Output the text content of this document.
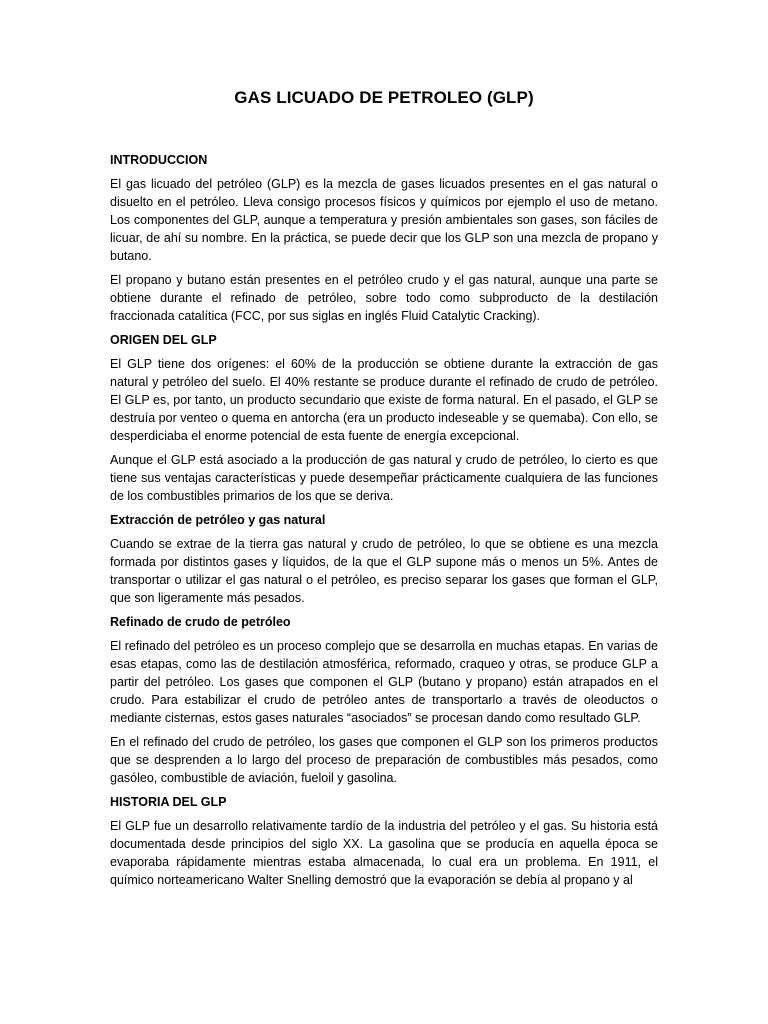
GAS LICUADO DE PETROLEO (GLP)
INTRODUCCION

El gas licuado del petróleo (GLP) es la mezcla de gases licuados presentes en el gas natural o disuelto en el petróleo. Lleva consigo procesos físicos y químicos por ejemplo el uso de metano. Los componentes del GLP, aunque a temperatura y presión ambientales son gases, son fáciles de licuar, de ahí su nombre. En la práctica, se puede decir que los GLP son una mezcla de propano y butano.

El propano y butano están presentes en el petróleo crudo y el gas natural, aunque una parte se obtiene durante el refinado de petróleo, sobre todo como subproducto de la destilación fraccionada catalítica (FCC, por sus siglas en inglés Fluid Catalytic Cracking).

ORIGEN DEL GLP

El GLP tiene dos orígenes: el 60% de la producción se obtiene durante la extracción de gas natural y petróleo del suelo. El 40% restante se produce durante el refinado de crudo de petróleo. El GLP es, por tanto, un producto secundario que existe de forma natural. En el pasado, el GLP se destruía por venteo o quema en antorcha (era un producto indeseable y se quemaba). Con ello, se desperdiciaba el enorme potencial de esta fuente de energía excepcional.

Aunque el GLP está asociado a la producción de gas natural y crudo de petróleo, lo cierto es que tiene sus ventajas características y puede desempeñar prácticamente cualquiera de las funciones de los combustibles primarios de los que se deriva.

Extracción de petróleo y gas natural

Cuando se extrae de la tierra gas natural y crudo de petróleo, lo que se obtiene es una mezcla formada por distintos gases y líquidos, de la que el GLP supone más o menos un 5%. Antes de transportar o utilizar el gas natural o el petróleo, es preciso separar los gases que forman el GLP, que son ligeramente más pesados.

Refinado de crudo de petróleo

El refinado del petróleo es un proceso complejo que se desarrolla en muchas etapas. En varias de esas etapas, como las de destilación atmosférica, reformado, craqueo y otras, se produce GLP a partir del petróleo. Los gases que componen el GLP (butano y propano) están atrapados en el crudo. Para estabilizar el crudo de petróleo antes de transportarlo a través de oleoductos o mediante cisternas, estos gases naturales “asociados” se procesan dando como resultado GLP.

En el refinado del crudo de petróleo, los gases que componen el GLP son los primeros productos que se desprenden a lo largo del proceso de preparación de combustibles más pesados, como gasóleo, combustible de aviación, fueloil y gasolina.

HISTORIA DEL GLP

El GLP fue un desarrollo relativamente tardío de la industria del petróleo y el gas. Su historia está documentada desde principios del siglo XX. La gasolina que se producía en aquella época se evaporaba rápidamente mientras estaba almacenada, lo cual era un problema. En 1911, el químico norteamericano Walter Snelling demostró que la evaporación se debía al propano y al
